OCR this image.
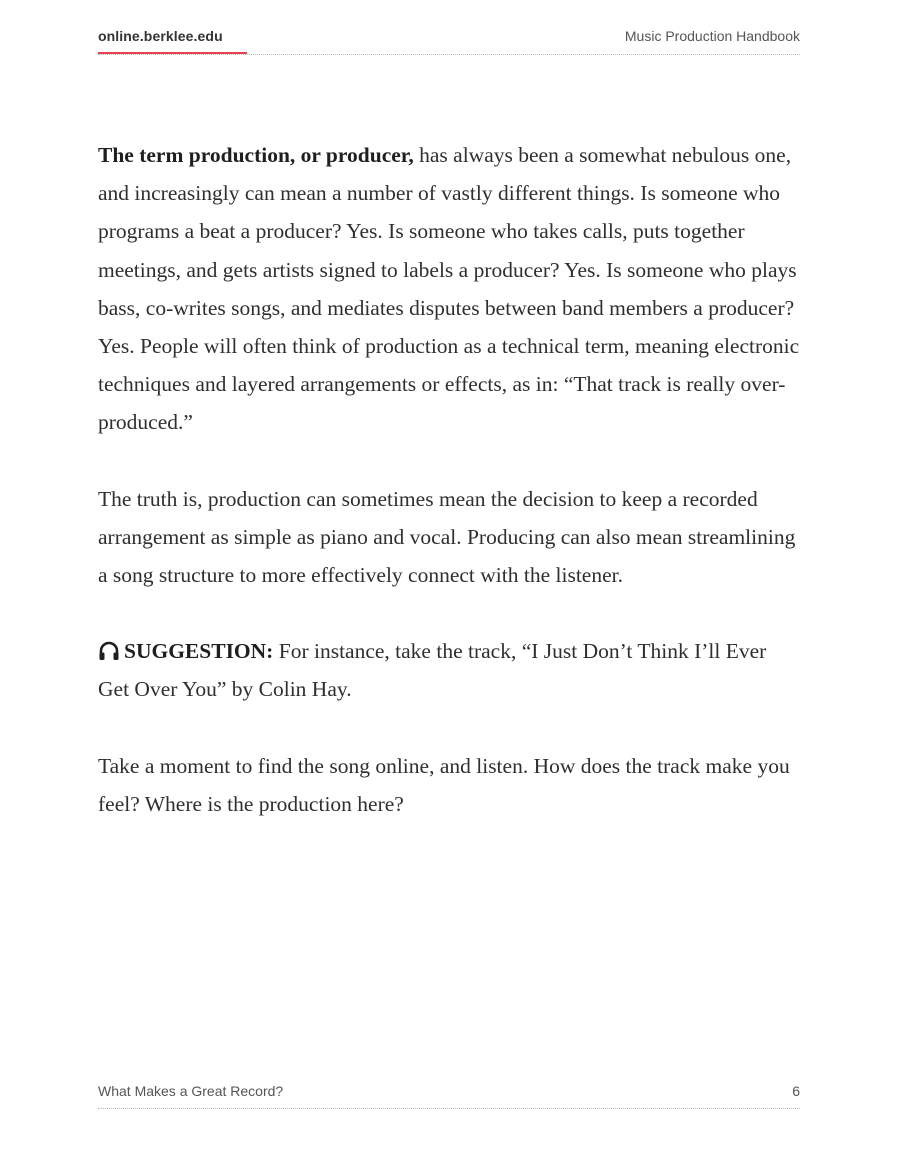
online.berklee.edu	Music Production Handbook

The term production, or producer, has always been a somewhat nebulous one, and increasingly can mean a number of vastly different things. Is someone who programs a beat a producer? Yes. Is someone who takes calls, puts together meetings, and gets artists signed to labels a producer? Yes. Is someone who plays bass, co-writes songs, and mediates disputes between band members a producer? Yes. People will often think of production as a technical term, meaning electronic techniques and layered arrangements or effects, as in: “That track is really over-produced.”

The truth is, production can sometimes mean the decision to keep a recorded arrangement as simple as piano and vocal. Producing can also mean streamlining a song structure to more effectively connect with the listener.

SUGGESTION: For instance, take the track, “I Just Don’t Think I’ll Ever Get Over You” by Colin Hay.

Take a moment to find the song online, and listen. How does the track make you feel? Where is the production here?

What Makes a Great Record?	6
